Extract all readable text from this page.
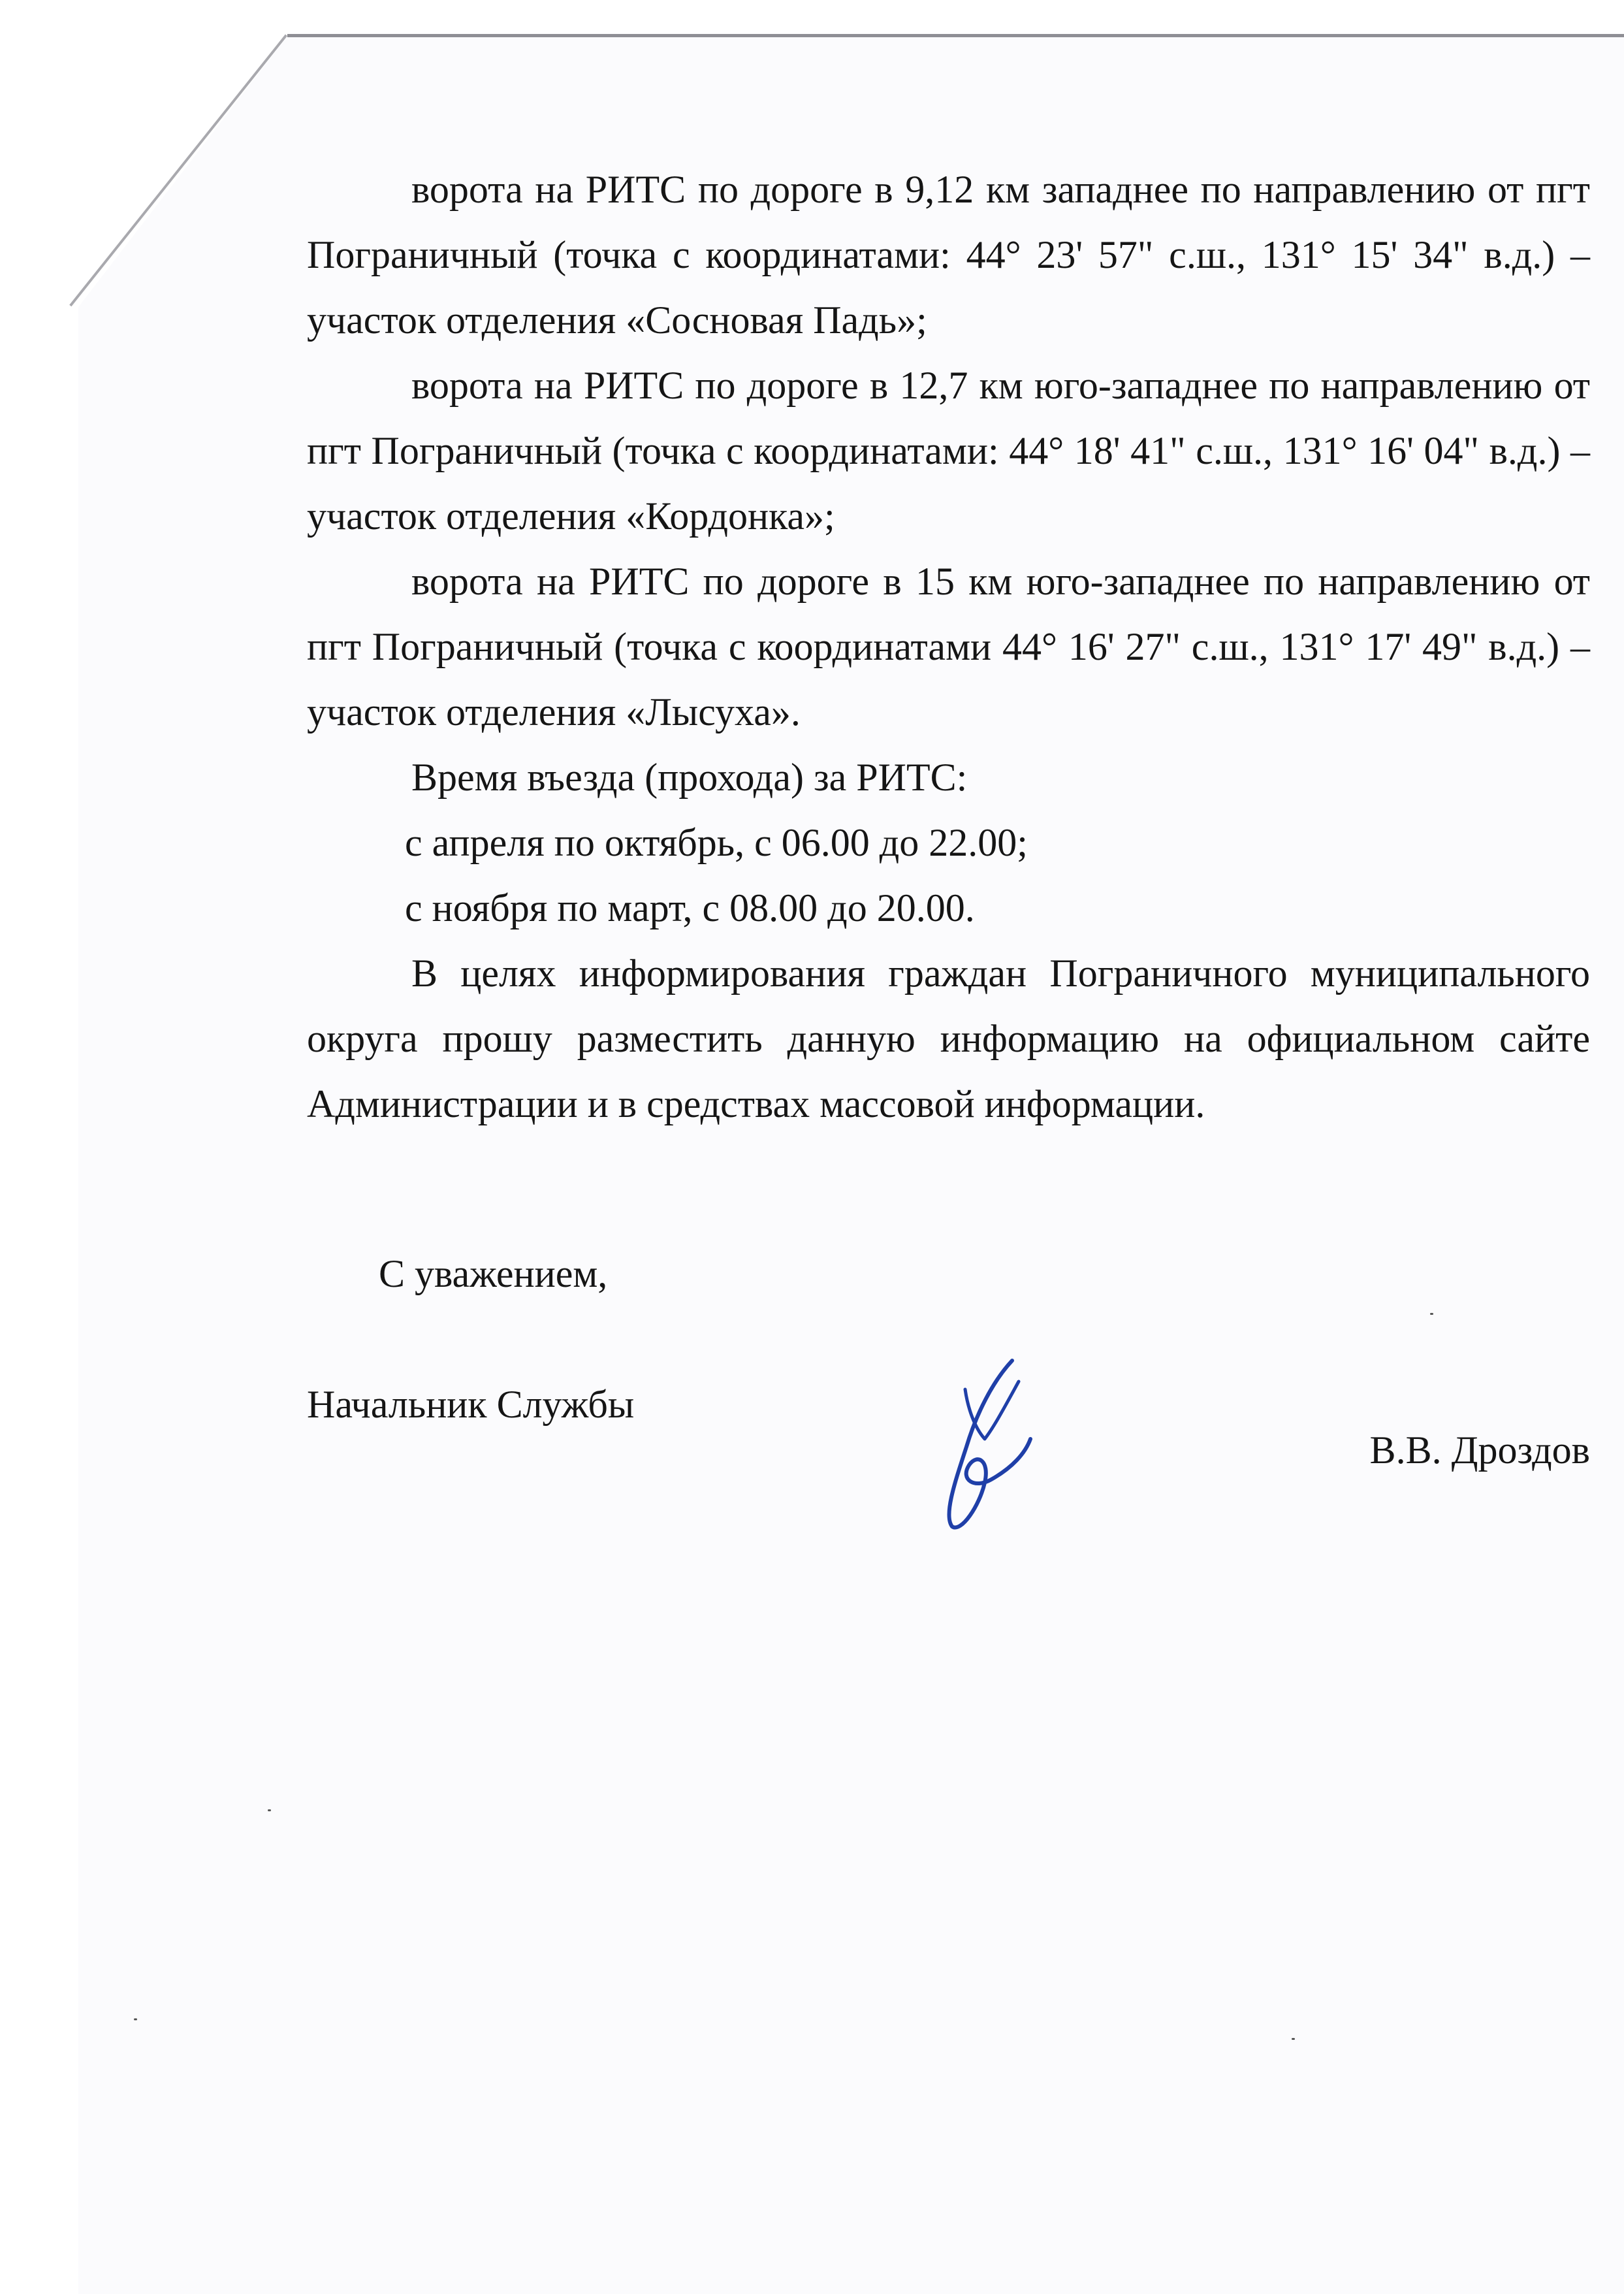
ворота на РИТС по дороге в 9,12 км западнее по направлению от пгт Пограничный (точка с координатами: 44° 23' 57" с.ш., 131° 15' 34" в.д.) – участок отделения «Сосновая Падь»;

ворота на РИТС по дороге в 12,7 км юго-западнее по направлению от пгт Пограничный (точка с координатами: 44° 18' 41" с.ш., 131° 16' 04" в.д.) – участок отделения «Кордонка»;

ворота на РИТС по дороге в 15 км юго-западнее по направлению от пгт Пограничный (точка с координатами 44° 16' 27" с.ш., 131° 17' 49" в.д.) – участок отделения «Лысуха».

Время въезда (прохода) за РИТС:

с апреля по октябрь, с 06.00 до 22.00;

с ноября по март, с 08.00 до 20.00.

В целях информирования граждан Пограничного муниципального округа прошу разместить данную информацию на официальном сайте Администрации и в средствах массовой информации.

С уважением,
Начальник Службы
В.В. Дроздов
